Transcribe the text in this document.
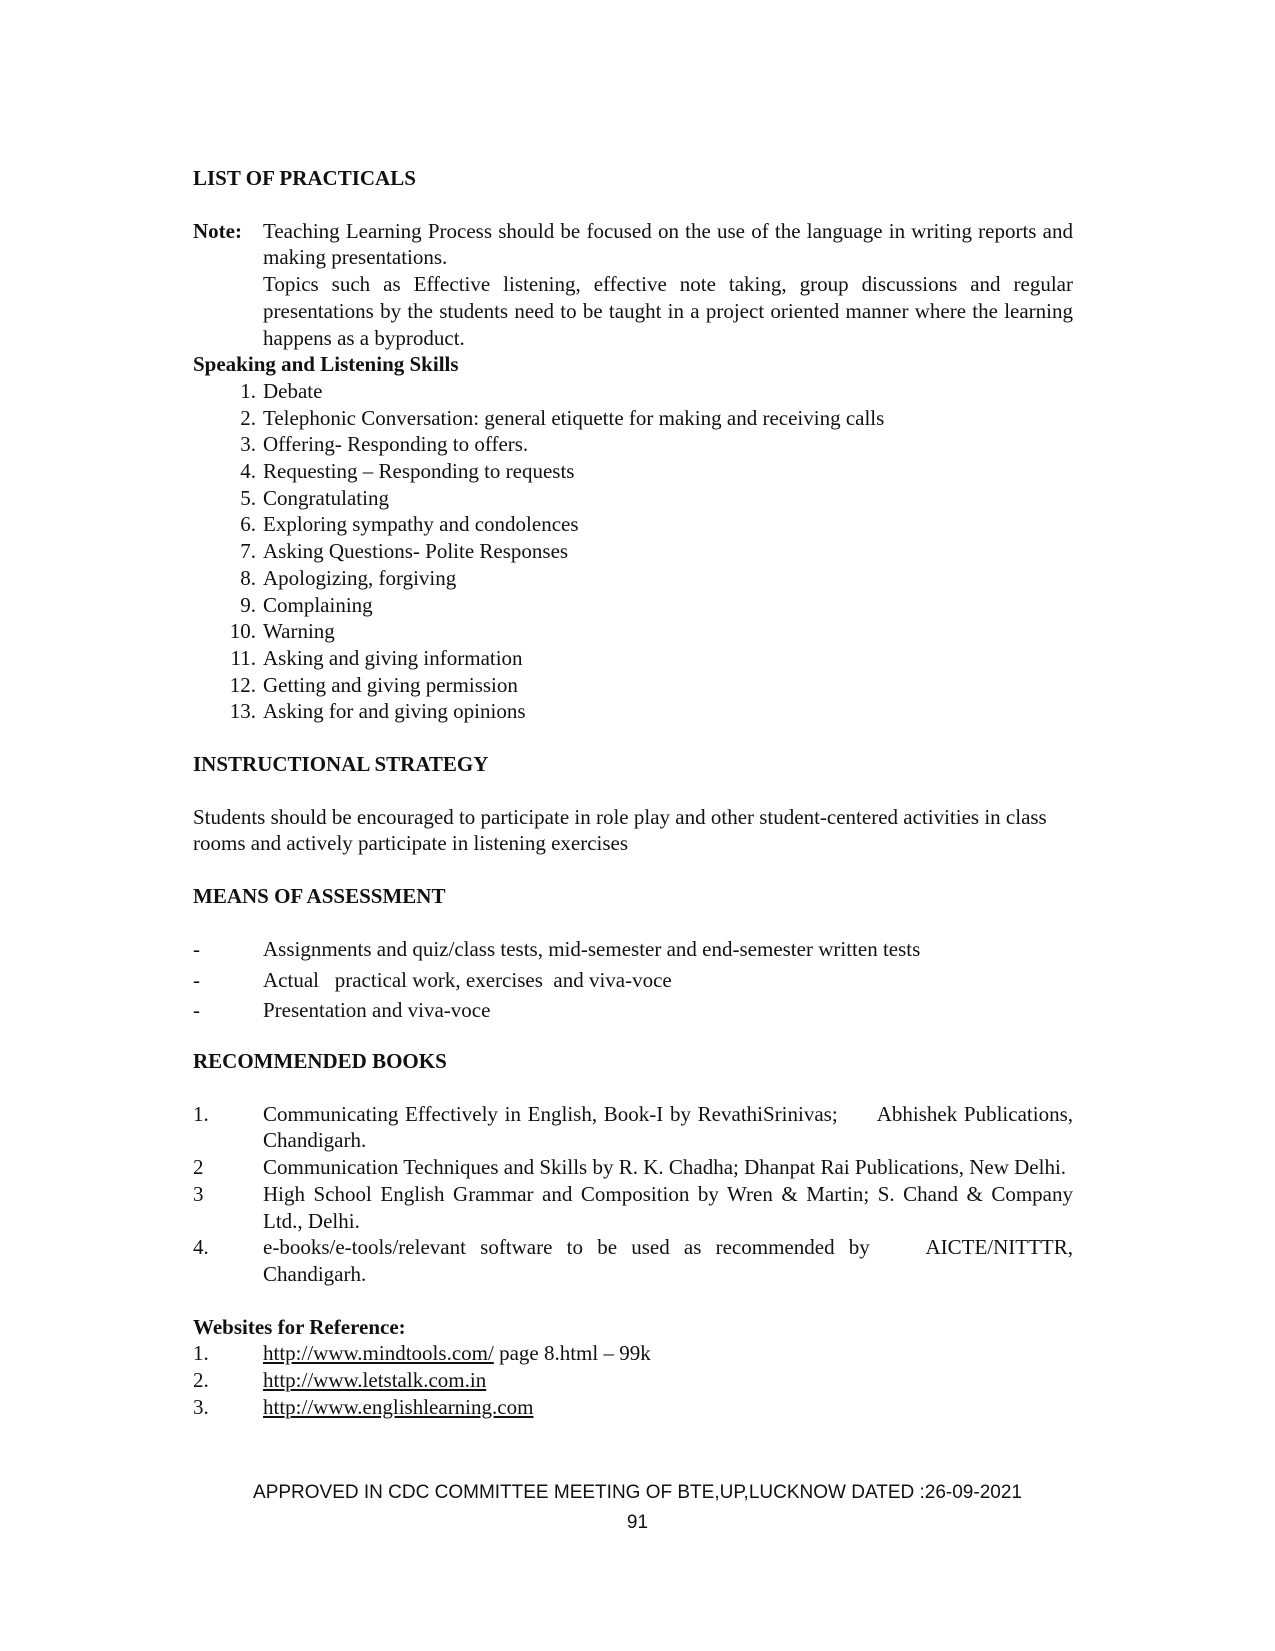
LIST OF PRACTICALS

Note:	Teaching Learning Process should be focused on the use of the language in writing reports and making presentations.

Topics such as Effective listening, effective note taking, group discussions and regular presentations by the students need to be taught in a project oriented manner where the learning happens as a byproduct.

Speaking and Listening Skills

1. Debate
2. Telephonic Conversation: general etiquette for making and receiving calls
3. Offering- Responding to offers.
4. Requesting – Responding to requests
5. Congratulating
6. Exploring sympathy and condolences
7. Asking Questions- Polite Responses
8. Apologizing, forgiving
9. Complaining
10. Warning
11. Asking and giving information
12. Getting and giving permission
13. Asking for and giving opinions

INSTRUCTIONAL STRATEGY

Students should be encouraged to participate in role play and other student-centered activities in class rooms and actively participate in listening exercises

MEANS OF ASSESSMENT

-	Assignments and quiz/class tests, mid-semester and end-semester written tests
-	Actual   practical work, exercises  and viva-voce
-	Presentation and viva-voce

RECOMMENDED BOOKS

1.	Communicating Effectively in English, Book-I by RevathiSrinivas;      Abhishek Publications, Chandigarh.
2	Communication Techniques and Skills by R. K. Chadha; Dhanpat Rai Publications, New Delhi.
3	High School English Grammar and Composition by Wren & Martin; S. Chand & Company Ltd., Delhi.
4.	e-books/e-tools/relevant software to be used as recommended by    AICTE/NITTTR, Chandigarh.

Websites for Reference:

1.	http://www.mindtools.com/ page 8.html – 99k
2.	http://www.letstalk.com.in
3.	http://www.englishlearning.com
APPROVED IN CDC COMMITTEE MEETING OF BTE,UP,LUCKNOW DATED :26-09-2021
91
